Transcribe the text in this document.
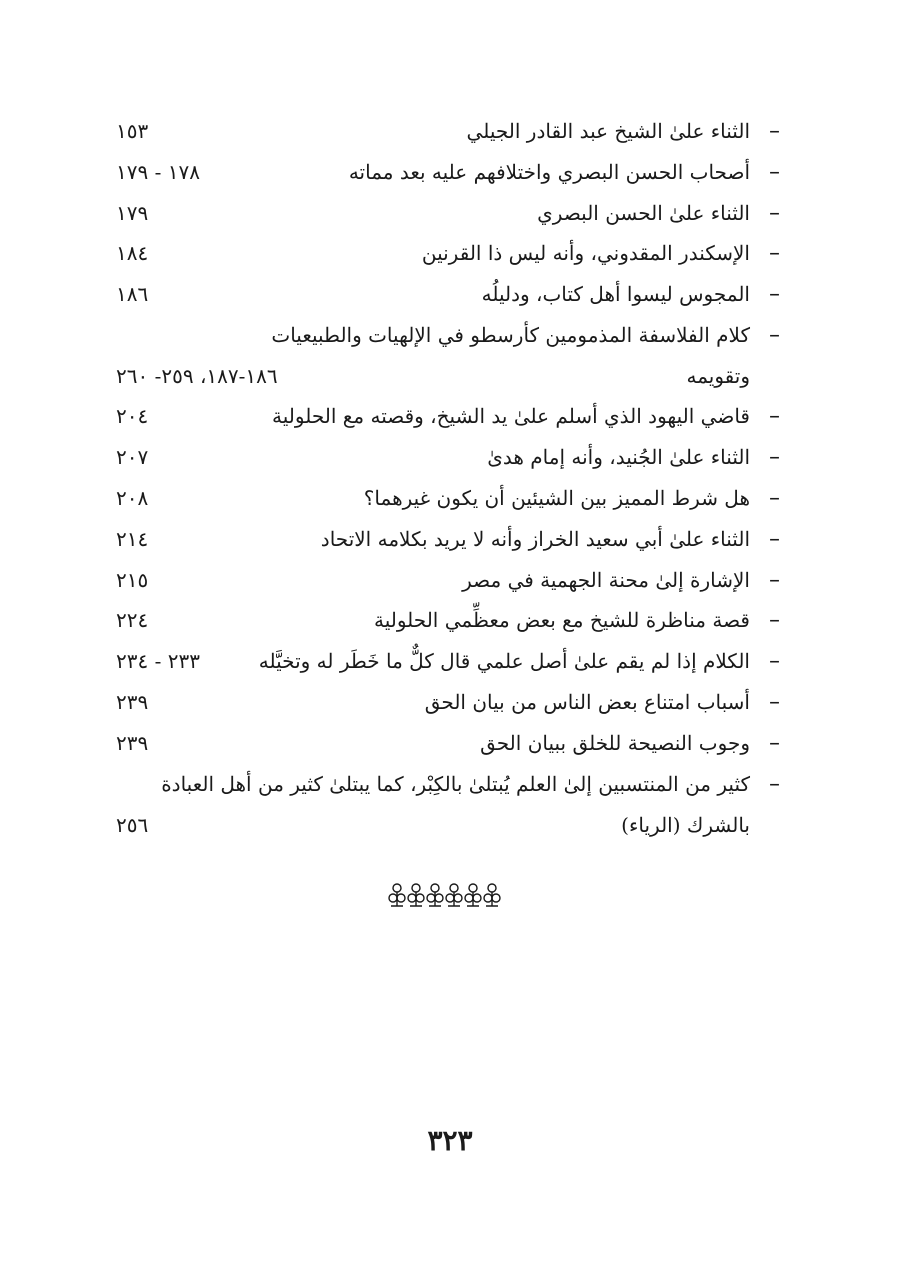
–
الثناء علىٰ الشيخ عبد القادر الجيلي
١٥٣
–
أصحاب الحسن البصري واختلافهم عليه بعد مماته
١٧٨ - ١٧٩
–
الثناء علىٰ الحسن البصري
١٧٩
–
الإسكندر المقدوني، وأنه ليس ذا القرنين
١٨٤
–
المجوس ليسوا أهل كتاب، ودليلُه
١٨٦
–
كلام الفلاسفة المذمومين كأرسطو في الإلهيات والطبيعيات
وتقويمه
١٨٦-١٨٧، ٢٥٩- ٢٦٠
–
قاضي اليهود الذي أسلم علىٰ يد الشيخ، وقصته مع الحلولية
٢٠٤
–
الثناء علىٰ الجُنيد، وأنه إمام هدىٰ
٢٠٧
–
هل شرط المميز بين الشيئين أن يكون غيرهما؟
٢٠٨
–
الثناء علىٰ أبي سعيد الخراز وأنه لا يريد بكلامه الاتحاد
٢١٤
–
الإشارة إلىٰ محنة الجهمية في مصر
٢١٥
–
قصة مناظرة للشيخ مع بعض معظِّمي الحلولية
٢٢٤
–
الكلام إذا لم يقم علىٰ أصل علمي قال كلٌّ ما خَطَر له وتخيَّله
٢٣٣ - ٢٣٤
–
أسباب امتناع بعض الناس من بيان الحق
٢٣٩
–
وجوب النصيحة للخلق ببيان الحق
٢٣٩
–
كثير من المنتسبين إلىٰ العلم يُبتلىٰ بالكِبْر، كما يبتلىٰ كثير من أهل العبادة
بالشرك (الرياء)
٢٥٦
٣٢٣
